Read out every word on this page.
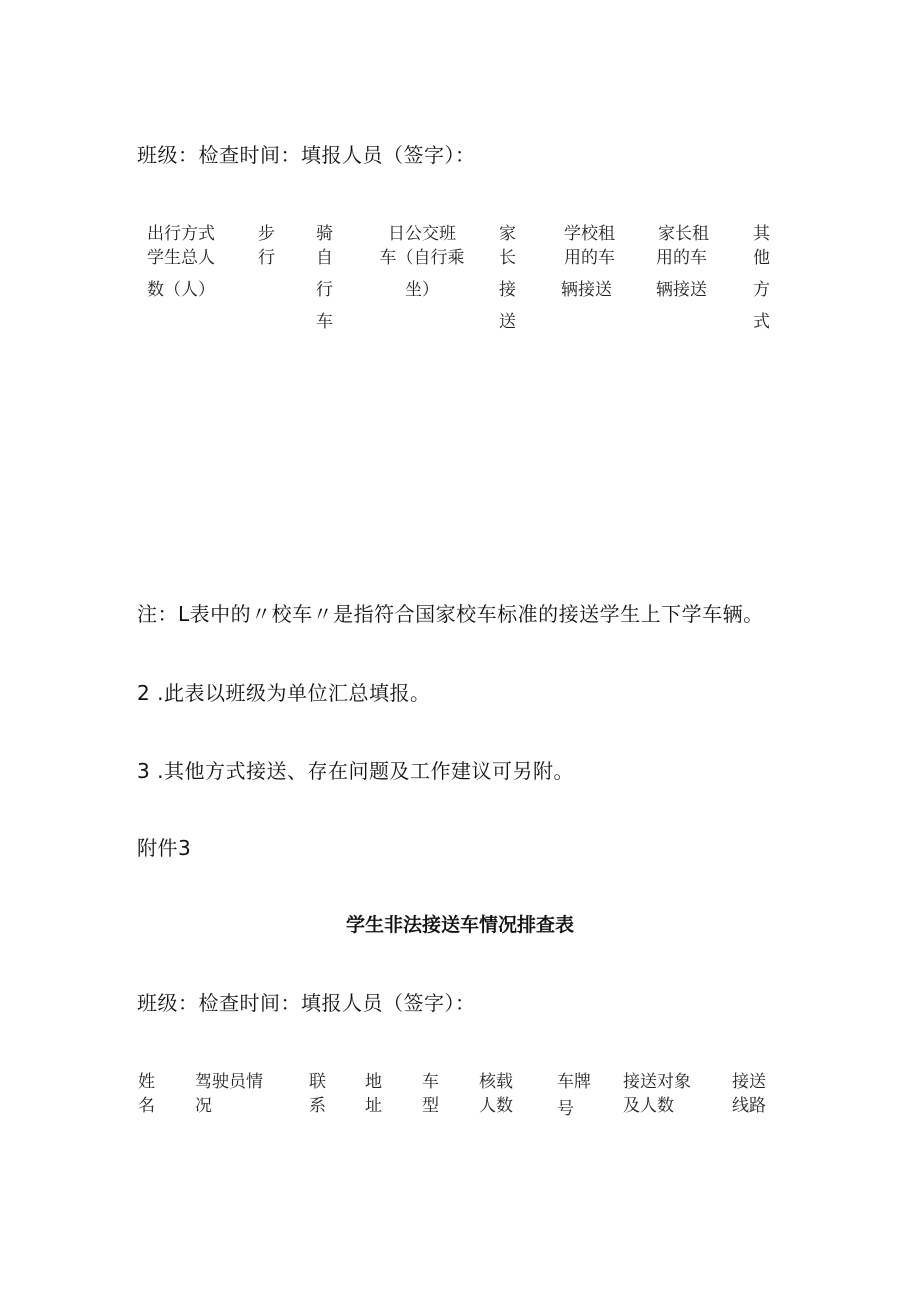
班级：检查时间：填报人员（签字）：
出行方式
学生总人
数（人）
步
行
骑
自
行
车
日公交班
车（自行乘
坐）
家
长
接
送
学校租
用的车
辆接送
家长租
用的车
辆接送
其
他
方
式
注：L表中的〃校车〃是指符合国家校车标准的接送学生上下学车辆。
2 .此表以班级为单位汇总填报。
3 .其他方式接送、存在问题及工作建议可另附。
附件3
学生非法接送车情况排查表
班级：检查时间：填报人员（签字）：
姓
名
驾驶员情
况
联
系
地
址
车
型
核载
人数
车牌
号
接送对象
及人数
接送
线路
